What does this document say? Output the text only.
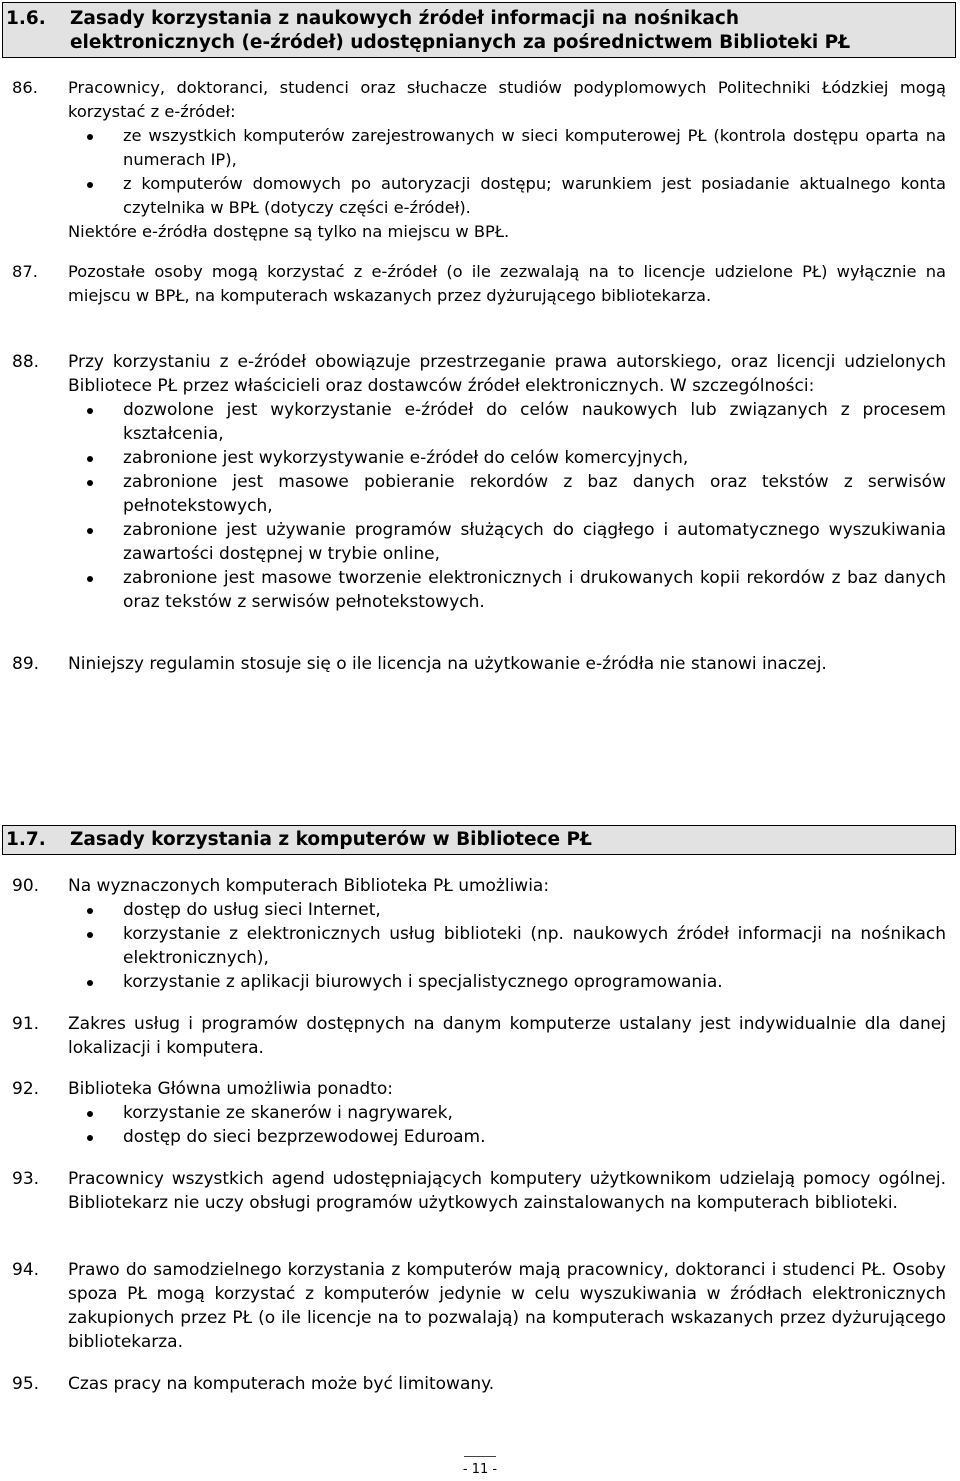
1.6. Zasady korzystania z naukowych źródeł informacji na nośnikach
elektronicznych (e-źródeł) udostępnianych za pośrednictwem Biblioteki PŁ
86. Pracownicy, doktoranci, studenci oraz słuchacze studiów podyplomowych Politechniki Łódzkiej mogą korzystać z e-źródeł:

ze wszystkich komputerów zarejestrowanych w sieci komputerowej PŁ (kontrola dostępu oparta na numerach IP),
z komputerów domowych po autoryzacji dostępu; warunkiem jest posiadanie aktualnego konta czytelnika w BPŁ (dotyczy części e-źródeł).

Niektóre e-źródła dostępne są tylko na miejscu w BPŁ.

87. Pozostałe osoby mogą korzystać z e-źródeł (o ile zezwalają na to licencje udzielone PŁ) wyłącznie na miejscu w BPŁ, na komputerach wskazanych przez dyżurującego bibliotekarza.

88. Przy korzystaniu z e-źródeł obowiązuje przestrzeganie prawa autorskiego, oraz licencji udzielonych Bibliotece PŁ przez właścicieli oraz dostawców źródeł elektronicznych. W szczególności:

dozwolone jest wykorzystanie e-źródeł do celów naukowych lub związanych z procesem kształcenia,
zabronione jest wykorzystywanie e-źródeł do celów komercyjnych,
zabronione jest masowe pobieranie rekordów z baz danych oraz tekstów z serwisów pełnotekstowych,
zabronione jest używanie programów służących do ciągłego i automatycznego wyszukiwania zawartości dostępnej w trybie online,
zabronione jest masowe tworzenie elektronicznych i drukowanych kopii rekordów z baz danych oraz tekstów z serwisów pełnotekstowych.
89. Niniejszy regulamin stosuje się o ile licencja na użytkowanie e-źródła nie stanowi inaczej.

1.7. Zasady korzystania z komputerów w Bibliotece PŁ
90. Na wyznaczonych komputerach Biblioteka PŁ umożliwia:

dostęp do usług sieci Internet,
korzystanie z elektronicznych usług biblioteki (np. naukowych źródeł informacji na nośnikach elektronicznych),
korzystanie z aplikacji biurowych i specjalistycznego oprogramowania.
91. Zakres usług i programów dostępnych na danym komputerze ustalany jest indywidualnie dla danej lokalizacji i komputera.

92. Biblioteka Główna umożliwia ponadto:

korzystanie ze skanerów i nagrywarek,
dostęp do sieci bezprzewodowej Eduroam.
93. Pracownicy wszystkich agend udostępniających komputery użytkownikom udzielają pomocy ogólnej. Bibliotekarz nie uczy obsługi programów użytkowych zainstalowanych na komputerach biblioteki.

94. Prawo do samodzielnego korzystania z komputerów mają pracownicy, doktoranci i studenci PŁ. Osoby spoza PŁ mogą korzystać z komputerów jedynie w celu wyszukiwania w źródłach elektronicznych zakupionych przez PŁ (o ile licencje na to pozwalają) na komputerach wskazanych przez dyżurującego bibliotekarza.

95. Czas pracy na komputerach może być limitowany.

- 11 -
